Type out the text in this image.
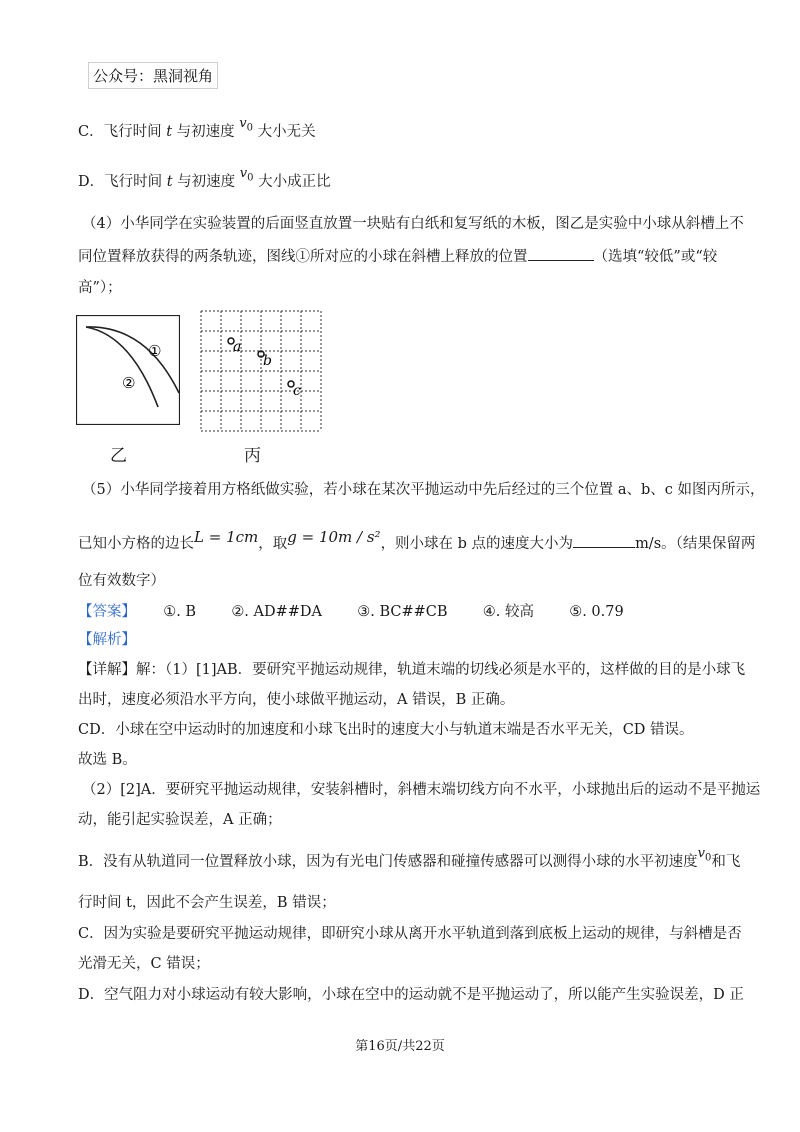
公众号：黑洞视角
C．飞行时间 t 与初速度 $v_0$ 大小无关
D．飞行时间 t 与初速度 $v_0$ 大小成正比
（4）小华同学在实验装置的后面竖直放置一块贴有白纸和复写纸的木板，图乙是实验中小球从斜槽上不
同位置释放获得的两条轨迹，图线①所对应的小球在斜槽上释放的位置	（选填“较低”或“较
高”）；
①
②
乙
a
b
c
丙
（5）小华同学接着用方格纸做实验，若小球在某次平抛运动中先后经过的三个位置 a、b、c 如图丙所示，
已知小方格的边长L = 1cm，取g = 10m / s²，则小球在 b 点的速度大小为	m/s。（结果保留两
位有效数字）
【答案】 ①. B ②. AD##DA ③. BC##CB ④. 较高 ⑤. 0.79
【解析】
【详解】解：（1）[1]AB．要研究平抛运动规律，轨道末端的切线必须是水平的，这样做的目的是小球飞
出时，速度必须沿水平方向，使小球做平抛运动，A 错误，B 正确。
CD．小球在空中运动时的加速度和小球飞出时的速度大小与轨道末端是否水平无关，CD 错误。
故选 B。
（2）[2]A．要研究平抛运动规律，安装斜槽时，斜槽末端切线方向不水平，小球抛出后的运动不是平抛运
动，能引起实验误差，A 正确；
B．没有从轨道同一位置释放小球，因为有光电门传感器和碰撞传感器可以测得小球的水平初速度$v_0$和飞
行时间 t，因此不会产生误差，B 错误；
C．因为实验是要研究平抛运动规律，即研究小球从离开水平轨道到落到底板上运动的规律，与斜槽是否
光滑无关，C 错误；
D．空气阻力对小球运动有较大影响，小球在空中的运动就不是平抛运动了，所以能产生实验误差，D 正
第16页/共22页
